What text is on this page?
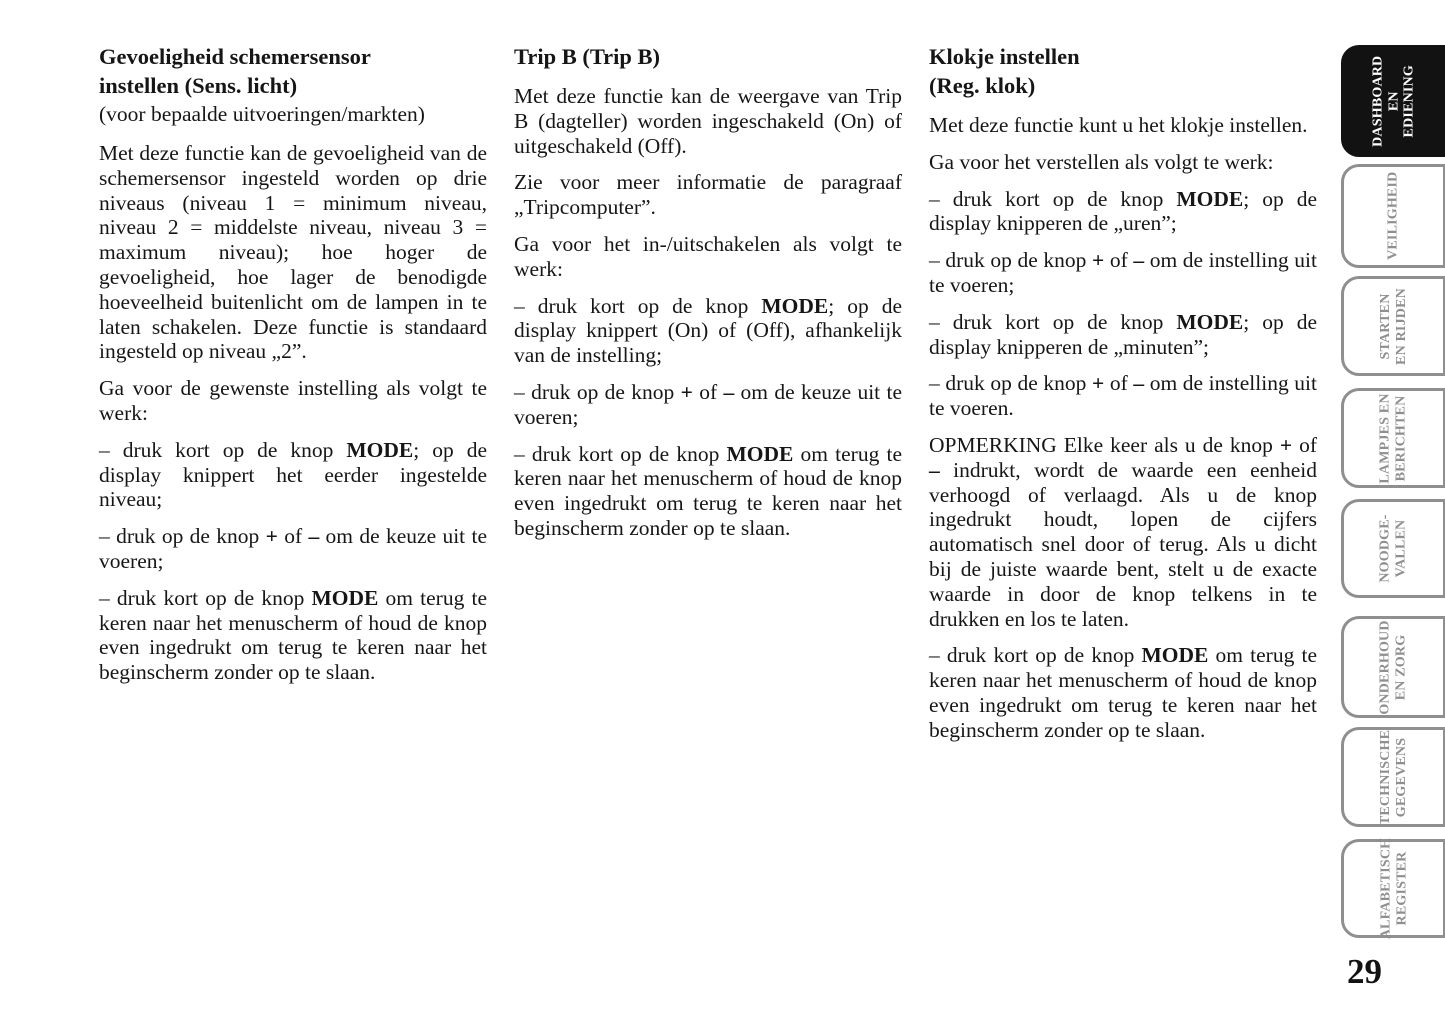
Gevoeligheid schemersensor
instellen (Sens. licht)
(voor bepaalde uitvoeringen/markten)

Met deze functie kan de gevoeligheid van de schemersensor ingesteld worden op drie niveaus (niveau 1 = minimum niveau, niveau 2 = middelste niveau, niveau 3 = maximum niveau); hoe hoger de gevoeligheid, hoe lager de benodigde hoeveelheid buitenlicht om de lampen in te laten schakelen. Deze functie is standaard ingesteld op niveau „2”.

Ga voor de gewenste instelling als volgt te werk:

– druk kort op de knop MODE; op de display knippert het eerder ingestelde niveau;

– druk op de knop + of – om de keuze uit te voeren;

– druk kort op de knop MODE om terug te keren naar het menuscherm of houd de knop even ingedrukt om terug te keren naar het beginscherm zonder op te slaan.

Trip B (Trip B)

Met deze functie kan de weergave van Trip B (dagteller) worden ingeschakeld (On) of uitgeschakeld (Off).

Zie voor meer informatie de paragraaf „Tripcomputer”.

Ga voor het in-/uitschakelen als volgt te werk:

– druk kort op de knop MODE; op de display knippert (On) of (Off), afhankelijk van de instelling;

– druk op de knop + of – om de keuze uit te voeren;

– druk kort op de knop MODE om terug te keren naar het menuscherm of houd de knop even ingedrukt om terug te keren naar het beginscherm zonder op te slaan.

Klokje instellen
(Reg. klok)

Met deze functie kunt u het klokje instellen.

Ga voor het verstellen als volgt te werk:

– druk kort op de knop MODE; op de display knipperen de „uren”;

– druk op de knop + of – om de instelling uit te voeren;

– druk kort op de knop MODE; op de display knipperen de „minuten”;

– druk op de knop + of – om de instelling uit te voeren.

OPMERKING Elke keer als u de knop + of – indrukt, wordt de waarde een eenheid verhoogd of verlaagd. Als u de knop ingedrukt houdt, lopen de cijfers automatisch snel door of terug. Als u dicht bij de juiste waarde bent, stelt u de exacte waarde in door de knop telkens in te drukken en los te laten.

– druk kort op de knop MODE om terug te keren naar het menuscherm of houd de knop even ingedrukt om terug te keren naar het beginscherm zonder op te slaan.

DASHBOARD EN EDIENING
VEILIGHEID
STARTEN EN RIJDEN
LAMPJES EN BERICHTEN
NOODGE- VALLEN
ONDERHOUD EN ZORG
TECHNISCHE GEGEVENS
ALFABETISCH REGISTER
29
